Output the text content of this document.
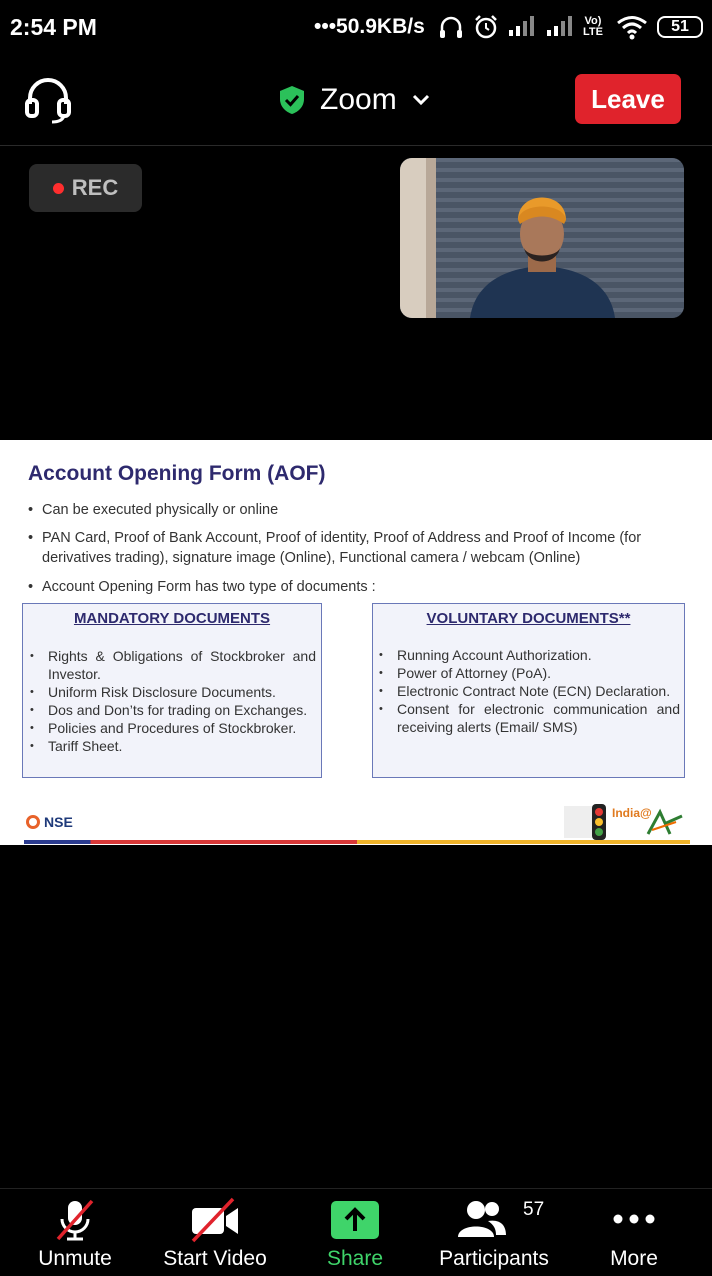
2:54 PM	•••50.9KB/s	Vo)
LTE	51
Zoom	Leave
REC
Account Opening Form (AOF)
• Can be executed physically or online
• PAN Card, Proof of Bank Account, Proof of identity, Proof of Address and Proof of Income (for derivatives trading), signature image (Online), Functional camera / webcam (Online)
• Account Opening Form has two type of documents :
MANDATORY DOCUMENTS
• Rights & Obligations of Stockbroker and Investor.
• Uniform Risk Disclosure Documents.
• Dos and Don’ts for trading on Exchanges.
• Policies and Procedures of Stockbroker.
• Tariff Sheet.
VOLUNTARY DOCUMENTS**
• Running Account Authorization.
• Power of Attorney (PoA).
• Electronic Contract Note (ECN) Declaration.
• Consent for electronic communication and receiving alerts (Email/ SMS)
NSE
India@
Unmute	Start Video	Share	Participants	More
57
